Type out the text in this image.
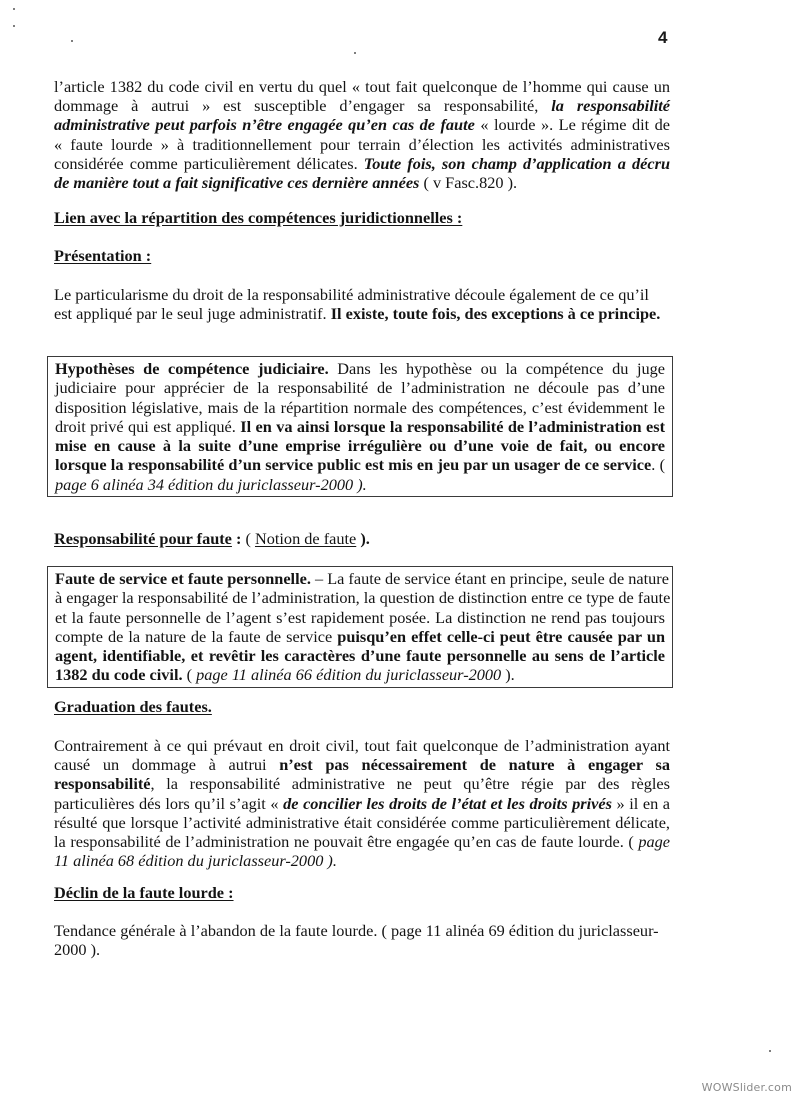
4
l’article 1382 du code civil en vertu du quel « tout fait quelconque de l’homme qui cause un
dommage à autrui » est susceptible d’engager sa responsabilité, la responsabilité
administrative peut parfois n’être engagée qu’en cas de faute « lourde ». Le régime dit de
« faute lourde » à traditionnellement pour terrain d’élection les activités administratives
considérée comme particulièrement délicates. Toute fois, son champ d’application a décru
de manière tout a fait significative ces dernière années ( v Fasc.820 ).
Lien avec la répartition des compétences juridictionnelles :
Présentation :
Le particularisme du droit de la responsabilité administrative découle également de ce qu’il
est appliqué par le seul juge administratif. Il existe, toute fois, des exceptions à ce principe.
Hypothèses de compétence judiciaire. Dans les hypothèse ou la compétence du juge
judiciaire pour apprécier de la responsabilité de l’administration ne découle pas d’une
disposition législative, mais de la répartition normale des compétences, c’est évidemment le
droit privé qui est appliqué. Il en va ainsi lorsque la responsabilité de l’administration est
mise en cause à la suite d’une emprise irrégulière ou d’une voie de fait, ou encore
lorsque la responsabilité d’un service public est mis en jeu par un usager de ce service. (
page 6 alinéa 34 édition du juriclasseur-2000 ).
Responsabilité pour faute : ( Notion de faute ).
Faute de service et faute personnelle. – La faute de service étant en principe, seule de nature
à engager la responsabilité de l’administration, la question de distinction entre ce type de faute
et la faute personnelle de l’agent s’est rapidement posée. La distinction ne rend pas toujours
compte de la nature de la faute de service puisqu’en effet celle-ci peut être causée par un
agent, identifiable, et revêtir les caractères d’une faute personnelle au sens de l’article
1382 du code civil. ( page 11 alinéa 66 édition du juriclasseur-2000 ).
Graduation des fautes.
Contrairement à ce qui prévaut en droit civil, tout fait quelconque de l’administration ayant
causé un dommage à autrui n’est pas nécessairement de nature à engager sa
responsabilité, la responsabilité administrative ne peut qu’être régie par des règles
particulières dés lors qu’il s’agit « de concilier les droits de l’état et les droits privés » il en a
résulté que lorsque l’activité administrative était considérée comme particulièrement délicate,
la responsabilité de l’administration ne pouvait être engagée qu’en cas de faute lourde. ( page
11 alinéa 68 édition du juriclasseur-2000 ).
Déclin de la faute lourde :
Tendance générale à l’abandon de la faute lourde. ( page 11 alinéa 69 édition du juriclasseur-
2000 ).
WOWSlider.com
